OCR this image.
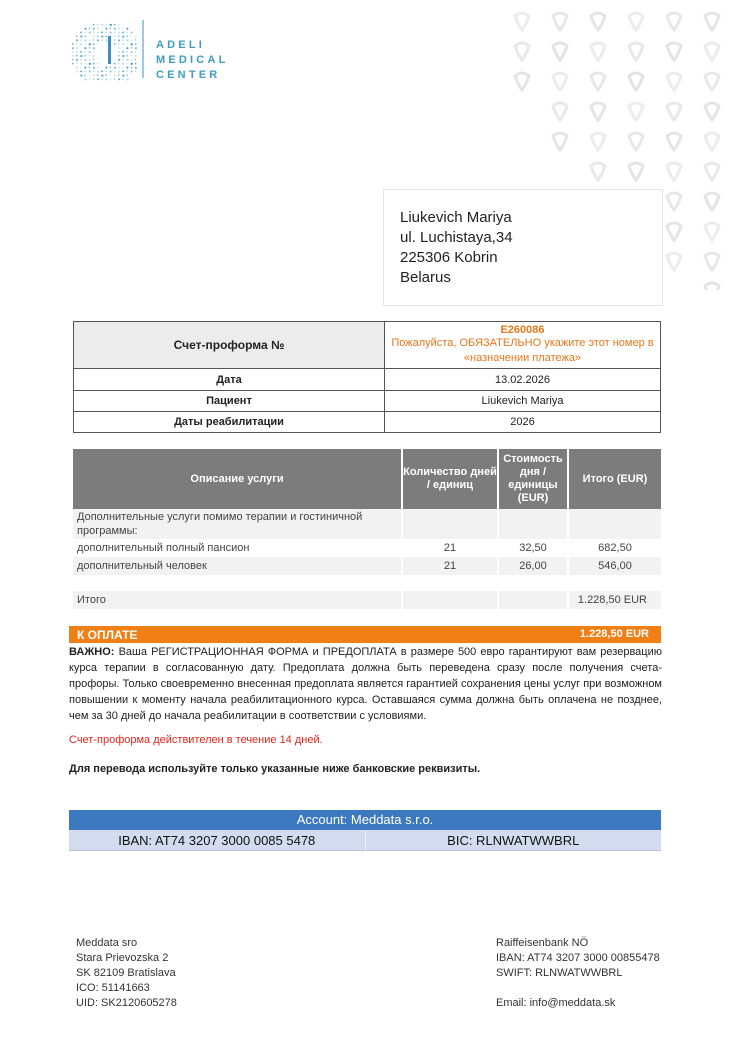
ADELI
MEDICAL
CENTER
Liukevich Mariya
ul. Luchistaya,34
225306 Kobrin
Belarus
Счет-проформа №	E260086
Пожалуйста, ОБЯЗАТЕЛЬНО укажите этот номер в «назначении платежа»

Дата	13.02.2026
Пациент	Liukevich Mariya
Даты реабилитации	2026
Описание услуги	Количество дней / единиц	Стоимость дня / единицы (EUR)	Итого (EUR)
Дополнительные услуги помимо терапии и гостиничной программы:			
дополнительный полный пансион	21	32,50	682,50
дополнительный человек	21	26,00	546,00

Итого			1.228,50 EUR
К ОПЛАТЕ	1.228,50 EUR
ВАЖНО: Ваша РЕГИСТРАЦИОННАЯ ФОРМА и ПРЕДОПЛАТА в размере 500 евро гарантируют вам резервацию курса терапии в согласованную дату. Предоплата должна быть переведена сразу после получения счета-профоры. Только своевременно внесенная предоплата является гарантией сохранения цены услуг при возможном повышении к моменту начала реабилитационного курса. Оставшаяся сумма должна быть оплачена не позднее, чем за 30 дней до начала реабилитации в соответствии с условиями.
Счет-проформа действителен в течение 14 дней.
Для перевода используйте только указанные ниже банковские реквизиты.
Account: Meddata s.r.o.
IBAN: AT74 3207 3000 0085 5478	BIC: RLNWATWWBRL
Meddata sro
Stara Prievozska 2
SK 82109 Bratislava
ICO: 51141663
UID: SK2120605278
Raiffeisenbank NÖ
IBAN: AT74 3207 3000 00855478
SWIFT: RLNWATWWBRL
Email: info@meddata.sk
